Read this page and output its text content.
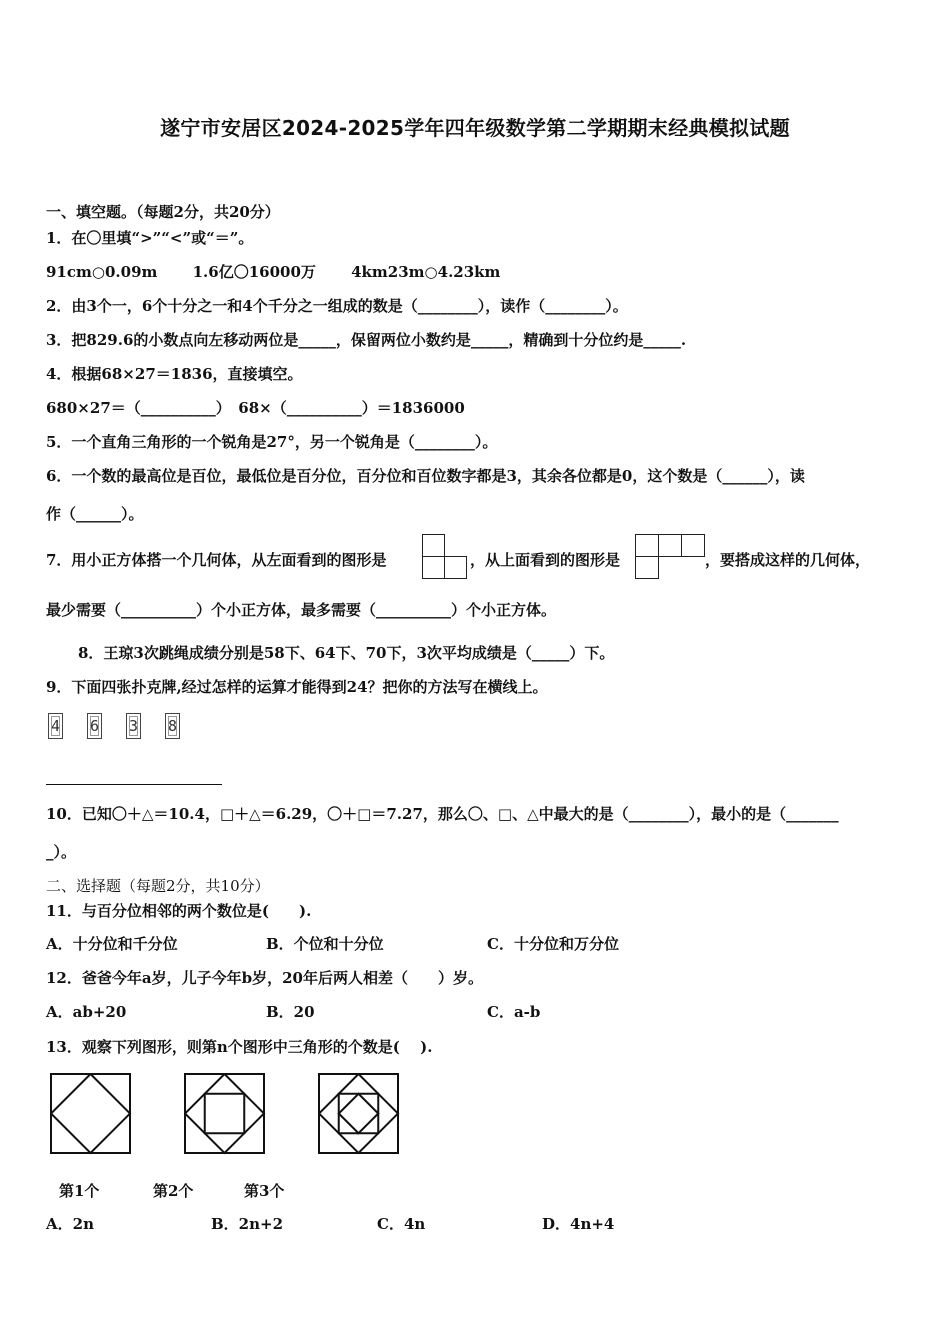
遂宁市安居区2024-2025学年四年级数学第二学期期末经典模拟试题
一、填空题。（每题2分，共20分）
1．在〇里填“>”“<”或“＝”。
91cm○0.09m　 　1.6亿〇16000万　 　4km23m○4.23km
2．由3个一，6个十分之一和4个千分之一组成的数是（________），读作（________）。
3．把829.6的小数点向左移动两位是_____，保留两位小数约是_____，精确到十分位约是_____.
4．根据68×27＝1836，直接填空。
680×27＝（__________）　68×（__________）＝1836000
5．一个直角三角形的一个锐角是27°，另一个锐角是（________）。
6．一个数的最高位是百位，最低位是百分位，百分位和百位数字都是3，其余各位都是0，这个数是（______），读
作（______）。
7．用小正方体搭一个几何体，从左面看到的图形是	，从上面看到的图形是	，要搭成这样的几何体，
最少需要（__________）个小正方体，最多需要（__________）个小正方体。
8．王琼3次跳绳成绩分别是58下、64下、70下，3次平均成绩是（_____）下。
9．下面四张扑克牌,经过怎样的运算才能得到24？把你的方法写在横线上。
4 6 3 8
10．已知〇＋△＝10.4，□＋△＝6.29，〇＋□＝7.27，那么〇、□、△中最大的是（________），最小的是（_______
_）。
二、选择题（每题2分，共10分）
11．与百分位相邻的两个数位是(　　).
A．十分位和千分位	B．个位和十分位	C．十分位和万分位
12．爸爸今年a岁，儿子今年b岁，20年后两人相差（　　）岁。
A．ab+20	B．20	C．a-b
13．观察下列图形，则第n个图形中三角形的个数是(　 ).
第1个	第2个	第3个
A．2n	B．2n+2	C．4n	D．4n+4
